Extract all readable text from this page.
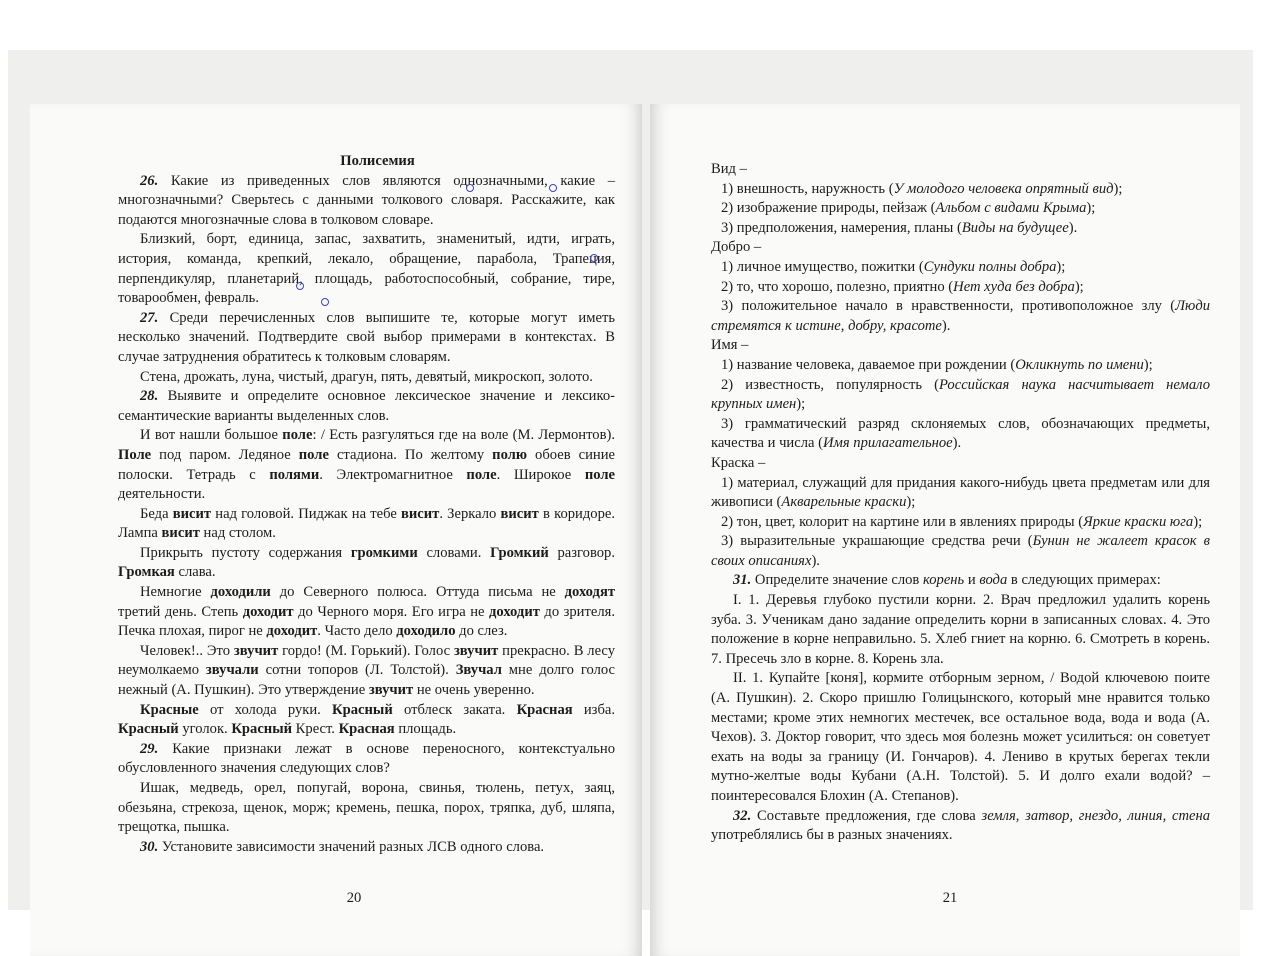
Полисемия

26. Какие из приведенных слов являются однозначными, какие – многозначными? Сверьтесь с данными толкового словаря. Расскажите, как подаются многозначные слова в толковом словаре.

Близкий, борт, единица, запас, захватить, знаменитый, идти, играть, история, команда, крепкий, лекало, обращение, парабола, Трапеция, перпендикуляр, планетарий, площадь, работоспособный, собрание, тире, товарообмен, февраль.

27. Среди перечисленных слов выпишите те, которые могут иметь несколько значений. Подтвердите свой выбор примерами в контекстах. В случае затруднения обратитесь к толковым словарям.

Стена, дрожать, луна, чистый, драгун, пять, девятый, микроскоп, золото.

28. Выявите и определите основное лексическое значение и лексико-семантические варианты выделенных слов.

И вот нашли большое поле: / Есть разгуляться где на воле (М. Лермонтов). Поле под паром. Ледяное поле стадиона. По желтому полю обоев синие полоски. Тетрадь с полями. Электромагнитное поле. Широкое поле деятельности.

Беда висит над головой. Пиджак на тебе висит. Зеркало висит в коридоре. Лампа висит над столом.

Прикрыть пустоту содержания громкими словами. Громкий разговор. Громкая слава.

Немногие доходили до Северного полюса. Оттуда письма не доходят третий день. Степь доходит до Черного моря. Его игра не доходит до зрителя. Печка плохая, пирог не доходит. Часто дело доходило до слез.

Человек!.. Это звучит гордо! (М. Горький). Голос звучит прекрасно. В лесу неумолкаемо звучали сотни топоров (Л. Толстой). Звучал мне долго голос нежный (А. Пушкин). Это утверждение звучит не очень уверенно.

Красные от холода руки. Красный отблеск заката. Красная изба. Красный уголок. Красный Крест. Красная площадь.

29. Какие признаки лежат в основе переносного, контекстуально обусловленного значения следующих слов?

Ишак, медведь, орел, попугай, ворона, свинья, тюлень, петух, заяц, обезьяна, стрекоза, щенок, морж; кремень, пешка, порох, тряпка, дуб, шляпа, трещотка, пышка.

30. Установите зависимости значений разных ЛСВ одного слова.

20

Вид –

1) внешность, наружность (У молодого человека опрятный вид);

2) изображение природы, пейзаж (Альбом с видами Крыма);

3) предположения, намерения, планы (Виды на будущее).

Добро –

1) личное имущество, пожитки (Сундуки полны добра);

2) то, что хорошо, полезно, приятно (Нет худа без добра);

3) положительное начало в нравственности, противоположное злу (Люди стремятся к истине, добру, красоте).

Имя –

1) название человека, даваемое при рождении (Окликнуть по имени);

2) известность, популярность (Российская наука насчитывает немало крупных имен);

3) грамматический разряд склоняемых слов, обозначающих предметы, качества и числа (Имя прилагательное).

Краска –

1) материал, служащий для придания какого-нибудь цвета предметам или для живописи (Акварельные краски);

2) тон, цвет, колорит на картине или в явлениях природы (Яркие краски юга);

3) выразительные украшающие средства речи (Бунин не жалеет красок в своих описаниях).

31. Определите значение слов корень и вода в следующих примерах:

I. 1. Деревья глубоко пустили корни. 2. Врач предложил удалить корень зуба. 3. Ученикам дано задание определить корни в записанных словах. 4. Это положение в корне неправильно. 5. Хлеб гниет на корню. 6. Смотреть в корень. 7. Пресечь зло в корне. 8. Корень зла.

II. 1. Купайте [коня], кормите отборным зерном, / Водой ключевою поите (А. Пушкин). 2. Скоро пришлю Голицынского, который мне нравится только местами; кроме этих немногих местечек, все остальное вода, вода и вода (А. Чехов). 3. Доктор говорит, что здесь моя болезнь может усилиться: он советует ехать на воды за границу (И. Гончаров). 4. Лениво в крутых берегах текли мутно-желтые воды Кубани (А.Н. Толстой). 5. И долго ехали водой? – поинтересовался Блохин (А. Степанов).

32. Составьте предложения, где слова земля, затвор, гнездо, линия, стена употреблялись бы в разных значениях.

21
